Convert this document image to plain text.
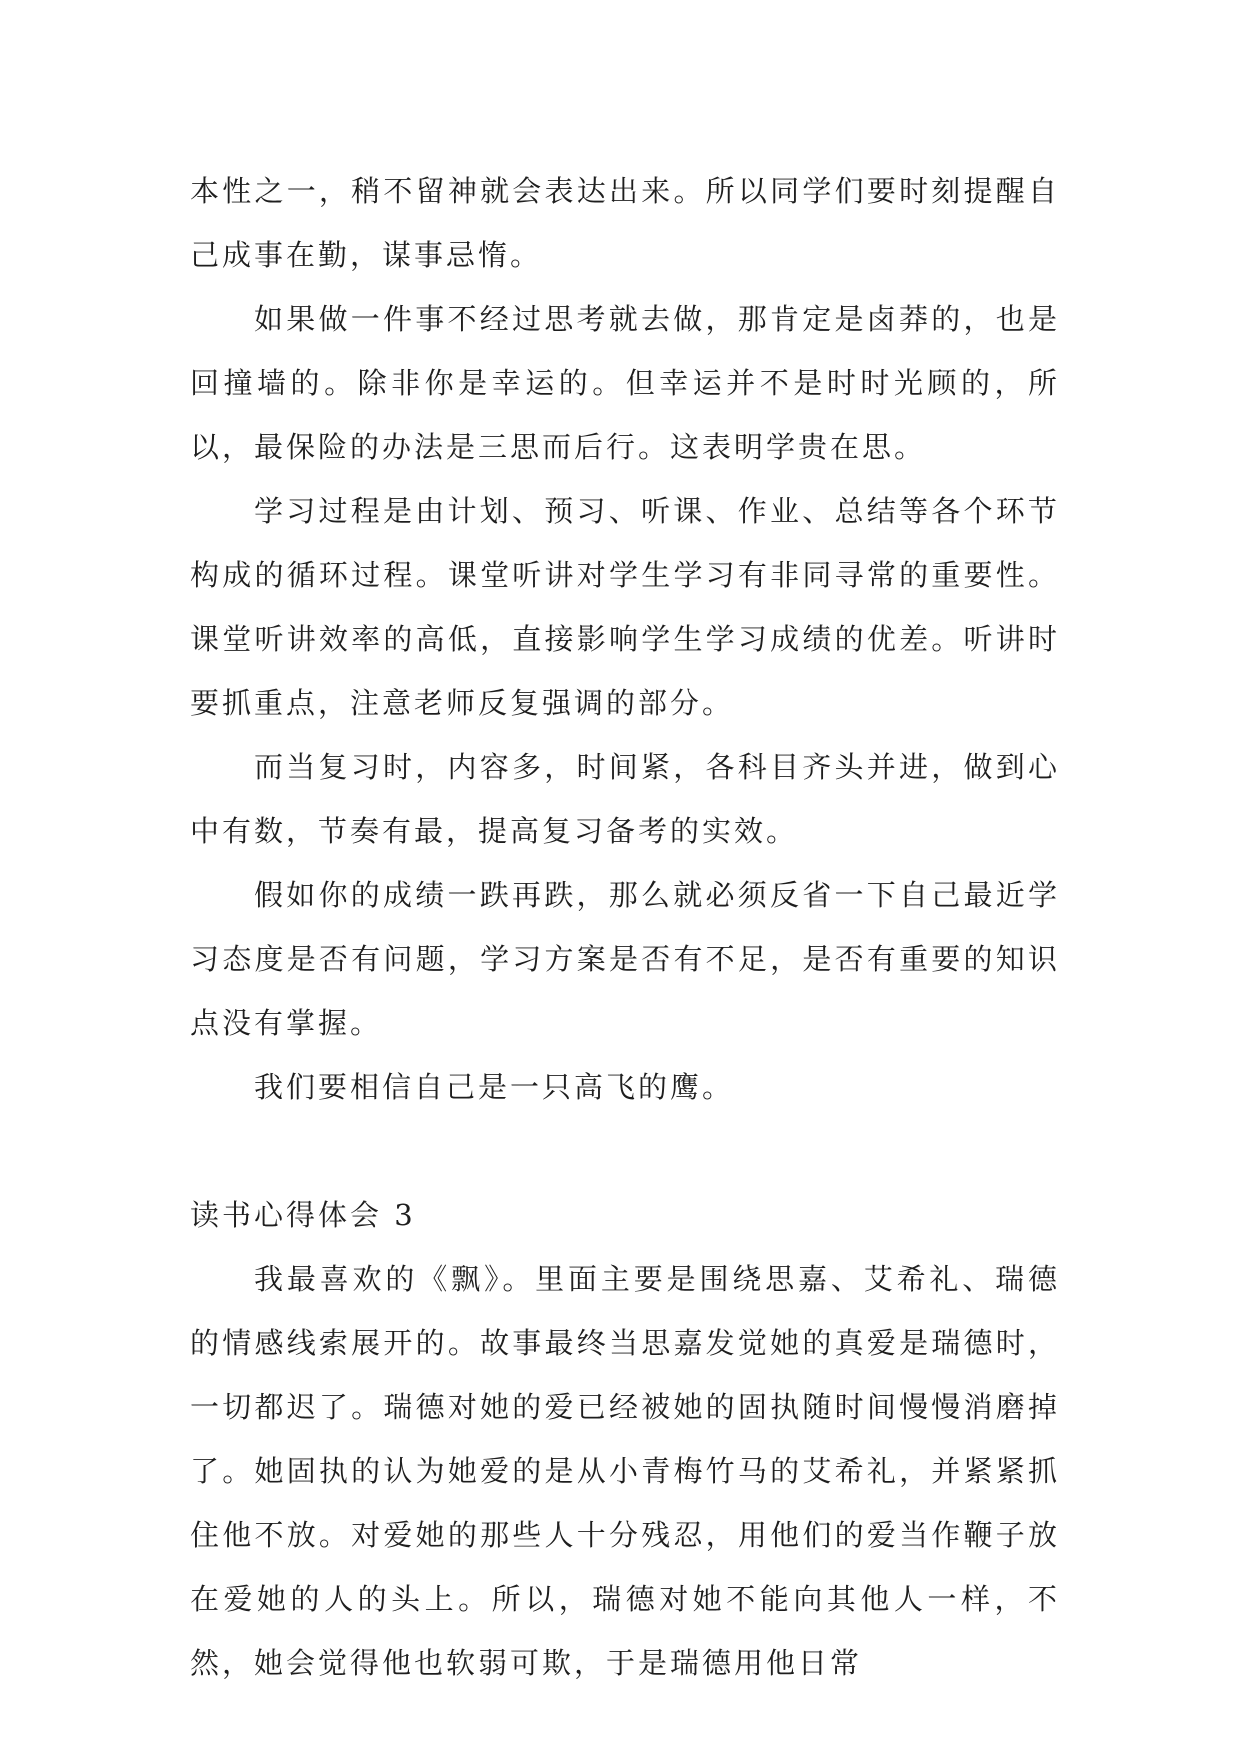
本性之一，稍不留神就会表达出来。所以同学们要时刻提醒自己成事在勤，谋事忌惰。

如果做一件事不经过思考就去做，那肯定是卤莽的，也是回撞墙的。除非你是幸运的。但幸运并不是时时光顾的，所以，最保险的办法是三思而后行。这表明学贵在思。

学习过程是由计划、预习、听课、作业、总结等各个环节构成的循环过程。课堂听讲对学生学习有非同寻常的重要性。课堂听讲效率的高低，直接影响学生学习成绩的优差。听讲时要抓重点，注意老师反复强调的部分。

而当复习时，内容多，时间紧，各科目齐头并进，做到心中有数，节奏有最，提高复习备考的实效。

假如你的成绩一跌再跌，那么就必须反省一下自己最近学习态度是否有问题，学习方案是否有不足，是否有重要的知识点没有掌握。

我们要相信自己是一只高飞的鹰。

读书心得体会 3

我最喜欢的《飘》。里面主要是围绕思嘉、艾希礼、瑞德的情感线索展开的。故事最终当思嘉发觉她的真爱是瑞德时，一切都迟了。瑞德对她的爱已经被她的固执随时间慢慢消磨掉了。她固执的认为她爱的是从小青梅竹马的艾希礼，并紧紧抓住他不放。对爱她的那些人十分残忍，用他们的爱当作鞭子放在爱她的人的头上。所以，瑞德对她不能向其他人一样，不然，她会觉得他也软弱可欺，于是瑞德用他日常
